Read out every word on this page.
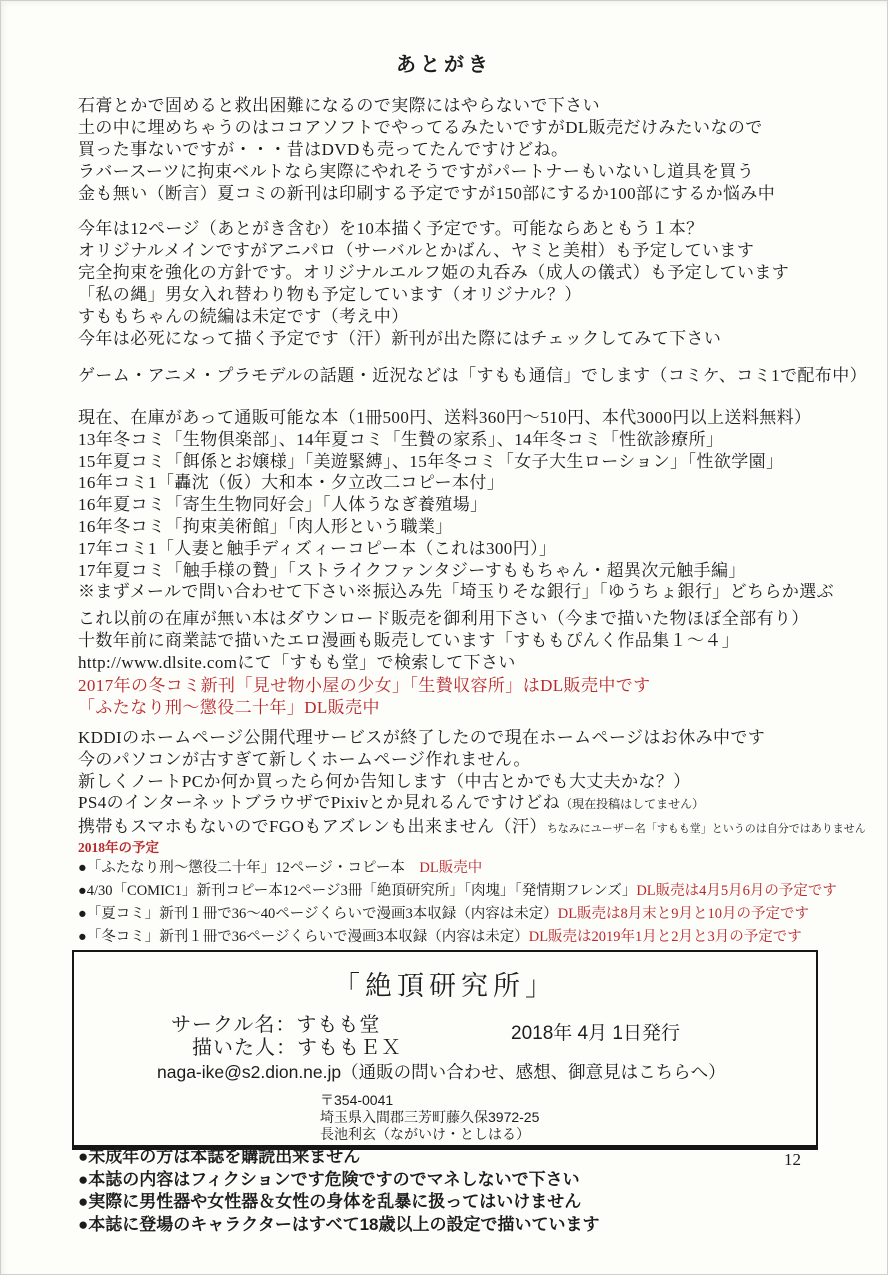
あとがき
石膏とかで固めると救出困難になるので実際にはやらないで下さい
土の中に埋めちゃうのはココアソフトでやってるみたいですがDL販売だけみたいなので
買った事ないですが・・・昔はDVDも売ってたんですけどね。
ラバースーツに拘束ベルトなら実際にやれそうですがパートナーもいないし道具を買う
金も無い（断言）夏コミの新刊は印刷する予定ですが150部にするか100部にするか悩み中
今年は12ページ（あとがき含む）を10本描く予定です。可能ならあともう１本？
オリジナルメインですがアニパロ（サーバルとかばん、ヤミと美柑）も予定しています
完全拘束を強化の方針です。オリジナルエルフ姫の丸呑み（成人の儀式）も予定しています
「私の縄」男女入れ替わり物も予定しています（オリジナル？）
すももちゃんの続編は未定です（考え中）
今年は必死になって描く予定です（汗）新刊が出た際にはチェックしてみて下さい
ゲーム・アニメ・プラモデルの話題・近況などは「すもも通信」でします（コミケ、コミ1で配布中）
現在、在庫があって通販可能な本（1冊500円、送料360円～510円、本代3000円以上送料無料）
13年冬コミ「生物倶楽部」、14年夏コミ「生贄の家系」、14年冬コミ「性欲診療所」
15年夏コミ「餌係とお嬢様」「美遊緊縛」、15年冬コミ「女子大生ローション」「性欲学園」
16年コミ1「轟沈（仮）大和本・夕立改二コピー本付」
16年夏コミ「寄生生物同好会」「人体うなぎ養殖場」
16年冬コミ「拘束美術館」「肉人形という職業」
17年コミ1「人妻と触手ディズィーコピー本（これは300円）」
17年夏コミ「触手様の贄」「ストライクファンタジーすももちゃん・超異次元触手編」
※まずメールで問い合わせて下さい※振込み先「埼玉りそな銀行」「ゆうちょ銀行」どちらか選ぶ
これ以前の在庫が無い本はダウンロード販売を御利用下さい（今まで描いた物ほぼ全部有り）
十数年前に商業誌で描いたエロ漫画も販売しています「すももぴんく作品集１～４」
http://www.dlsite.comにて「すもも堂」で検索して下さい
2017年の冬コミ新刊「見せ物小屋の少女」「生贄収容所」はDL販売中です
「ふたなり刑～懲役二十年」DL販売中
KDDIのホームページ公開代理サービスが終了したので現在ホームページはお休み中です
今のパソコンが古すぎて新しくホームページ作れません。
新しくノートPCか何か買ったら何か告知します（中古とかでも大丈夫かな？）
PS4のインターネットブラウザでPixivとか見れるんですけどね（現在投稿はしてません）
携帯もスマホもないのでFGOもアズレンも出来ません（汗）ちなみにユーザー名「すもも堂」というのは自分ではありません
2018年の予定
●「ふたなり刑～懲役二十年」12ページ・コピー本　DL販売中
●4/30「COMIC1」新刊コピー本12ページ3冊「絶頂研究所」「肉塊」「発情期フレンズ」DL販売は4月5月6月の予定です
●「夏コミ」新刊１冊で36～40ページくらいで漫画3本収録（内容は未定）DL販売は8月末と9月と10月の予定です
●「冬コミ」新刊１冊で36ページくらいで漫画3本収録（内容は未定）DL販売は2019年1月と2月と3月の予定です
「絶頂研究所」
サークル名：すもも堂
描いた人：すももＥＸ
2018年 4月 1日発行
naga-ike@s2.dion.ne.jp（通販の問い合わせ、感想、御意見はこちらへ）
〒354-0041
埼玉県入間郡三芳町藤久保3972-25
長池利玄（ながいけ・としはる）
●未成年の方は本誌を購読出来ません
●本誌の内容はフィクションです危険ですのでマネしないで下さい
●実際に男性器や女性器＆女性の身体を乱暴に扱ってはいけません
●本誌に登場のキャラクターはすべて18歳以上の設定で描いています
12
